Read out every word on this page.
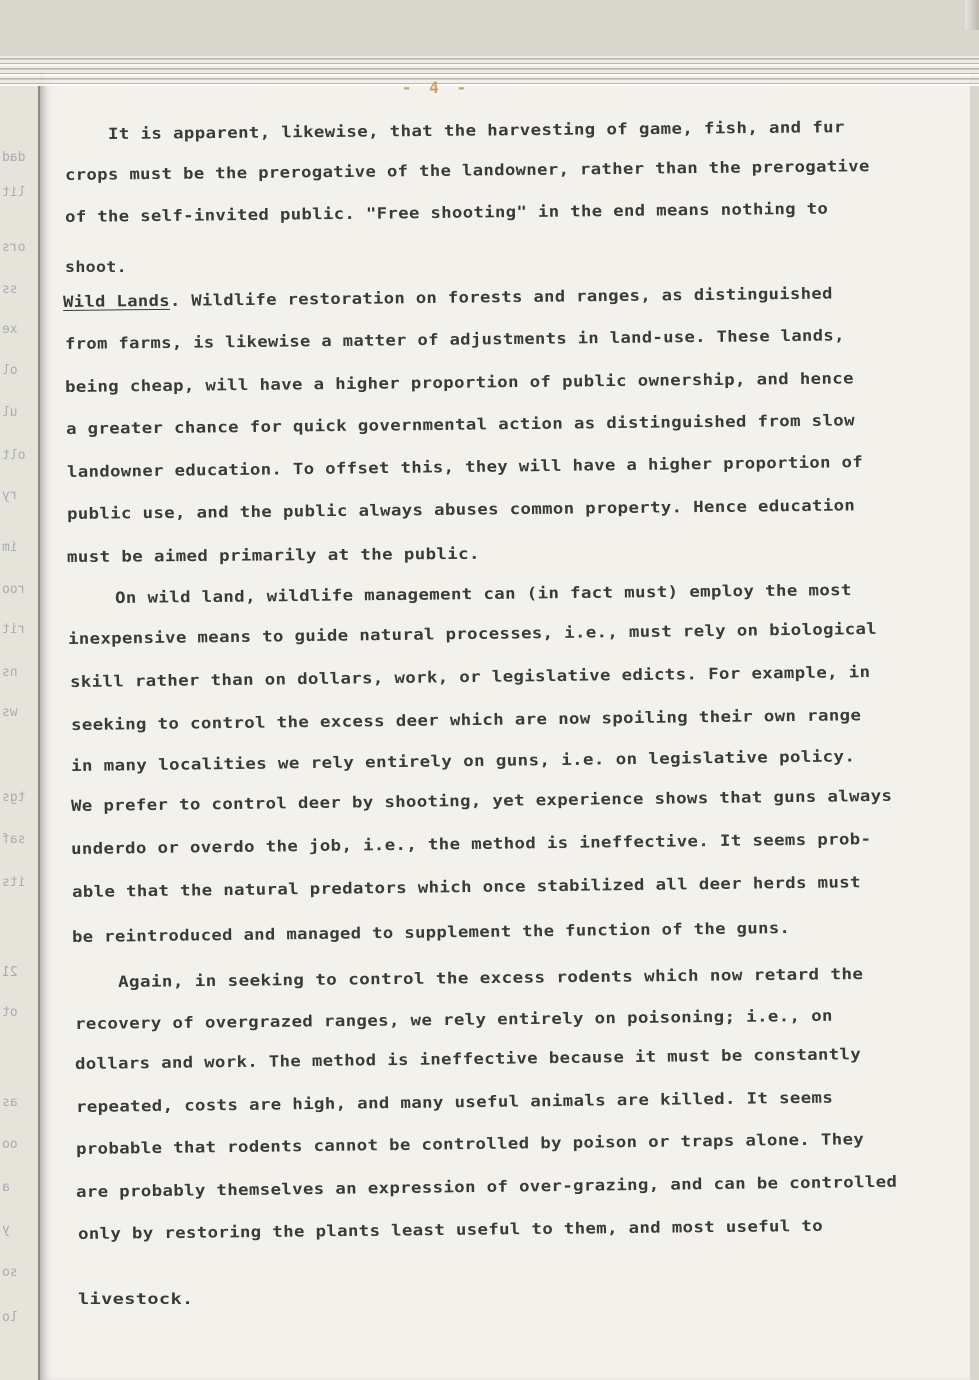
- 4 -
dad
lit
ors
ss
xe
ol
ul
olt
ry
im
roo
rit
ns
ws
tgs
saf
its
21
ot
as
oo
a
y
so
lo
It is apparent, likewise, that the harvesting of game, fish, and fur
crops must be the prerogative of the landowner, rather than the prerogative
of the self-invited public. "Free shooting" in the end means nothing to
shoot.
Wild Lands. Wildlife restoration on forests and ranges, as distinguished
from farms, is likewise a matter of adjustments in land-use. These lands,
being cheap, will have a higher proportion of public ownership, and hence
a greater chance for quick governmental action as distinguished from slow
landowner education. To offset this, they will have a higher proportion of
public use, and the public always abuses common property. Hence education
must be aimed primarily at the public.
On wild land, wildlife management can (in fact must) employ the most
inexpensive means to guide natural processes, i.e., must rely on biological
skill rather than on dollars, work, or legislative edicts. For example, in
seeking to control the excess deer which are now spoiling their own range
in many localities we rely entirely on guns, i.e. on legislative policy.
We prefer to control deer by shooting, yet experience shows that guns always
underdo or overdo the job, i.e., the method is ineffective. It seems prob-
able that the natural predators which once stabilized all deer herds must
be reintroduced and managed to supplement the function of the guns.
Again, in seeking to control the excess rodents which now retard the
recovery of overgrazed ranges, we rely entirely on poisoning; i.e., on
dollars and work. The method is ineffective because it must be constantly
repeated, costs are high, and many useful animals are killed. It seems
probable that rodents cannot be controlled by poison or traps alone. They
are probably themselves an expression of over-grazing, and can be controlled
only by restoring the plants least useful to them, and most useful to
livestock.
